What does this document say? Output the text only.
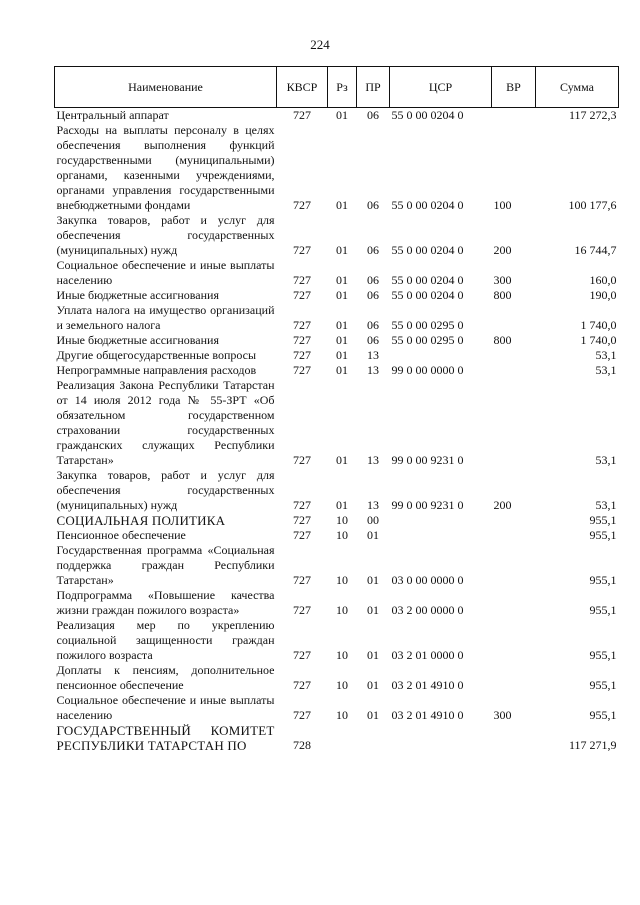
224
Наименование	КВСР	Рз	ПР	ЦСР	ВР	Сумма
Центральный аппарат	727	01	06	55 0 00 0204 0		117 272,3
Расходы на выплаты персоналу в целях обеспечения выполнения функций государственными (муниципальными) органами, казенными учреждениями, органами управления государственными внебюджетными фондами	727	01	06	55 0 00 0204 0	100	100 177,6
Закупка товаров, работ и услуг для обеспечения государственных (муниципальных) нужд	727	01	06	55 0 00 0204 0	200	16 744,7
Социальное обеспечение и иные выплаты населению	727	01	06	55 0 00 0204 0	300	160,0
Иные бюджетные ассигнования	727	01	06	55 0 00 0204 0	800	190,0
Уплата налога на имущество организаций и земельного налога	727	01	06	55 0 00 0295 0		1 740,0
Иные бюджетные ассигнования	727	01	06	55 0 00 0295 0	800	1 740,0
Другие общегосударственные вопросы	727	01	13			53,1
Непрограммные направления расходов	727	01	13	99 0 00 0000 0		53,1
Реализация Закона Республики Татарстан от 14 июля 2012 года № 55-ЗРТ «Об обязательном государственном страховании государственных гражданских служащих Республики Татарстан»	727	01	13	99 0 00 9231 0		53,1
Закупка товаров, работ и услуг для обеспечения государственных (муниципальных) нужд	727	01	13	99 0 00 9231 0	200	53,1
СОЦИАЛЬНАЯ ПОЛИТИКА	727	10	00			955,1
Пенсионное обеспечение	727	10	01			955,1
Государственная программа «Социальная поддержка граждан Республики Татарстан»	727	10	01	03 0 00 0000 0		955,1
Подпрограмма «Повышение качества жизни граждан пожилого возраста»	727	10	01	03 2 00 0000 0		955,1
Реализация мер по укреплению социальной защищенности граждан пожилого возраста	727	10	01	03 2 01 0000 0		955,1
Доплаты к пенсиям, дополнительное пенсионное обеспечение	727	10	01	03 2 01 4910 0		955,1
Социальное обеспечение и иные выплаты населению	727	10	01	03 2 01 4910 0	300	955,1
ГОСУДАРСТВЕННЫЙ КОМИТЕТ РЕСПУБЛИКИ ТАТАРСТАН ПО	728					117 271,9
